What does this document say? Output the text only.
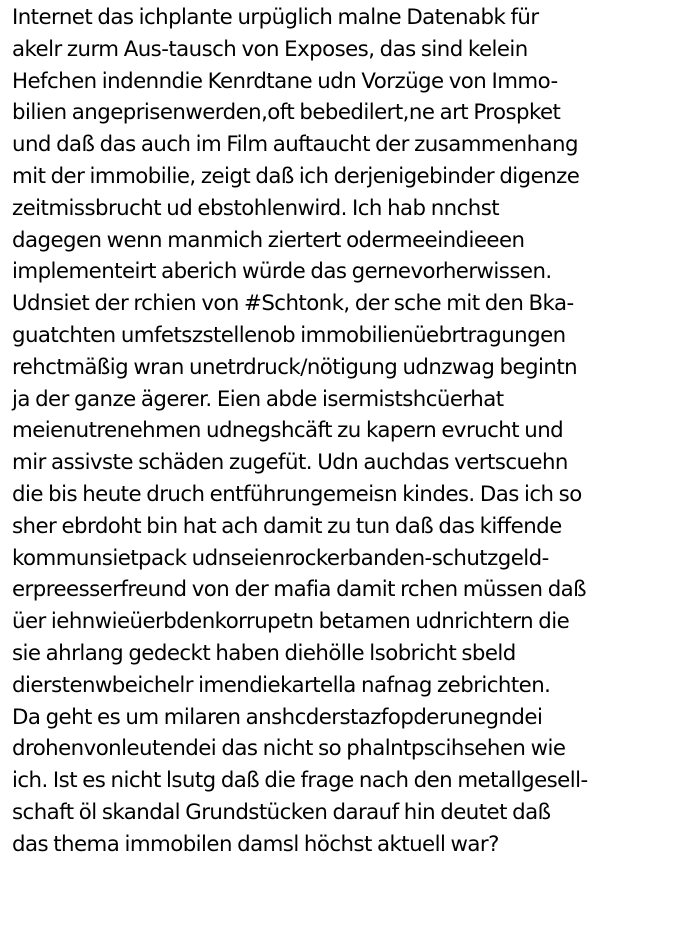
Internet das ichplante urpüglich malne Datenabk für
akelr zurm Aus-tausch von Exposes, das sind kelein
Hefchen indenndie Kenrdtane udn Vorzüge von Immo-
bilien angeprisenwerden,oft bebedilert,ne art Prospket
und daß das auch im Film auftaucht der zusammenhang
mit der immobilie, zeigt daß ich derjenigebinder digenze
zeitmissbrucht ud ebstohlenwird. Ich hab nnchst
dagegen wenn manmich ziertert odermeeindieeen
implementeirt aberich würde das gernevorherwissen.
Udnsiet der rchien von #Schtonk, der sche mit den Bka-
guatchten umfetszstellenob immobilienüebrtragungen
rehctmäßig wran unetrdruck/nötigung udnzwag begintn
ja der ganze ägerer. Eien abde isermistshcüerhat
meienutrenehmen udnegshcäft zu kapern evrucht und
mir assivste schäden zugefüt. Udn auchdas vertscuehn
die bis heute druch entführungemeisn kindes. Das ich so
sher ebrdoht bin hat ach damit zu tun daß das kiffende
kommunsietpack udnseienrockerbanden-schutzgeld-
erpreesserfreund von der mafia damit rchen müssen daß
üer iehnwieüerbdenkorrupetn betamen udnrichtern die
sie ahrlang gedeckt haben diehölle lsobricht sbeld
dierstenwbeichelr imendiekartella nafnag zebrichten.
Da geht es um milaren anshcderstazfopderunegndei
drohenvonleutendei das nicht so phalntpscihsehen wie
ich. Ist es nicht lsutg daß die frage nach den metallgesell-
schaft öl skandal Grundstücken darauf hin deutet daß
das thema immobilen damsl höchst aktuell war?
